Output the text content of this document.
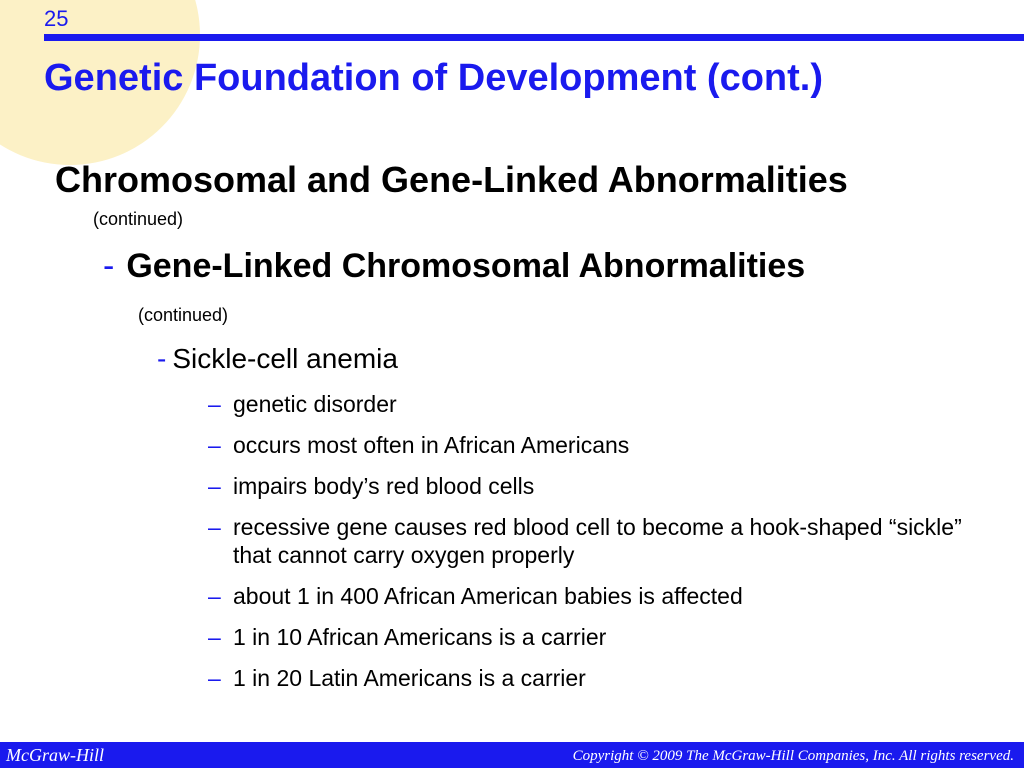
25
Genetic Foundation of Development (cont.)
Chromosomal and Gene-Linked Abnormalities
(continued)
- Gene-Linked Chromosomal Abnormalities
(continued)
- Sickle-cell anemia
– genetic disorder
– occurs most often in African Americans
– impairs body’s red blood cells
– recessive gene causes red blood cell to become a hook-shaped “sickle” that cannot carry oxygen properly
– about 1 in 400 African American babies is affected
– 1 in 10 African Americans is a carrier
– 1 in 20 Latin Americans is a carrier
McGraw-Hill	Copyright © 2009 The McGraw-Hill Companies, Inc. All rights reserved.
